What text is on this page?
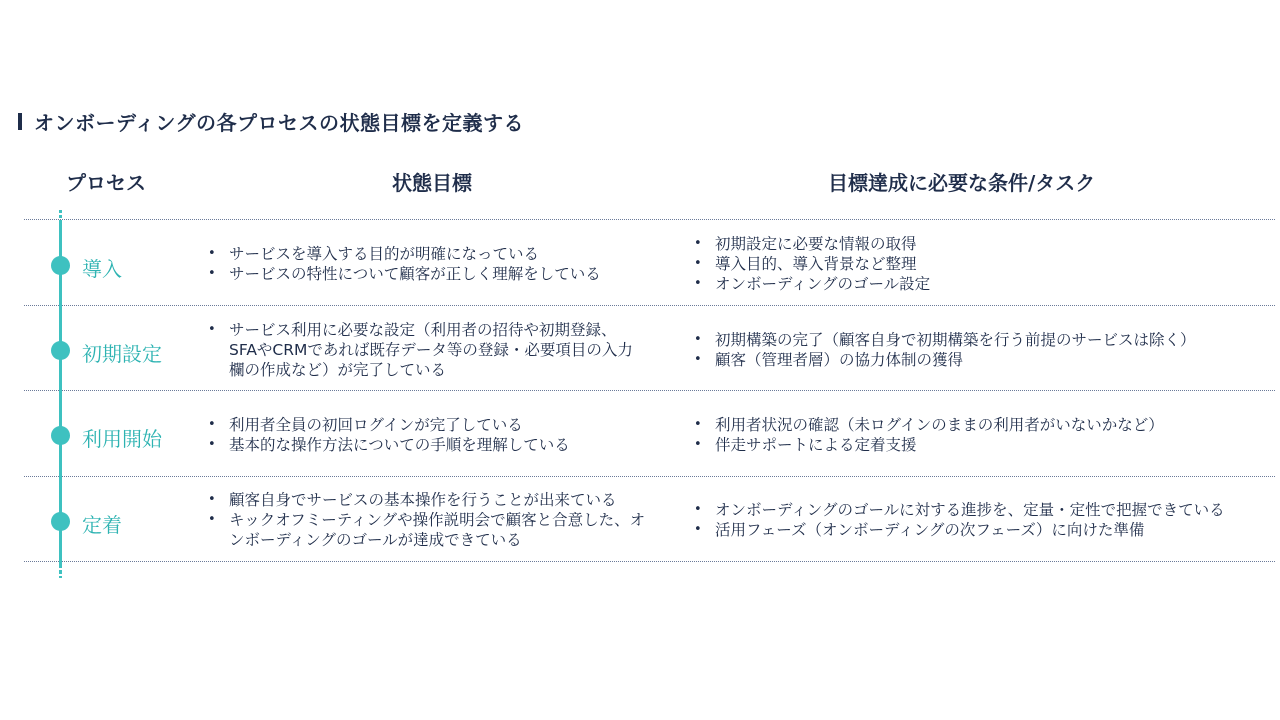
オンボーディングの各プロセスの状態目標を定義する
プロセス	状態目標	目標達成に必要な条件/タスク
導入
• サービスを導入する目的が明確になっている
• サービスの特性について顧客が正しく理解をしている
• 初期設定に必要な情報の取得
• 導入目的、導入背景など整理
• オンボーディングのゴール設定
初期設定
• サービス利用に必要な設定（利用者の招待や初期登録、SFAやCRMであれば既存データ等の登録・必要項目の入力欄の作成など）が完了している
• 初期構築の完了（顧客自身で初期構築を行う前提のサービスは除く）
• 顧客（管理者層）の協力体制の獲得
利用開始
• 利用者全員の初回ログインが完了している
• 基本的な操作方法についての手順を理解している
• 利用者状況の確認（未ログインのままの利用者がいないかなど）
• 伴走サポートによる定着支援
定着
• 顧客自身でサービスの基本操作を行うことが出来ている
• キックオフミーティングや操作説明会で顧客と合意した、オンボーディングのゴールが達成できている
• オンボーディングのゴールに対する進捗を、定量・定性で把握できている
• 活用フェーズ（オンボーディングの次フェーズ）に向けた準備
